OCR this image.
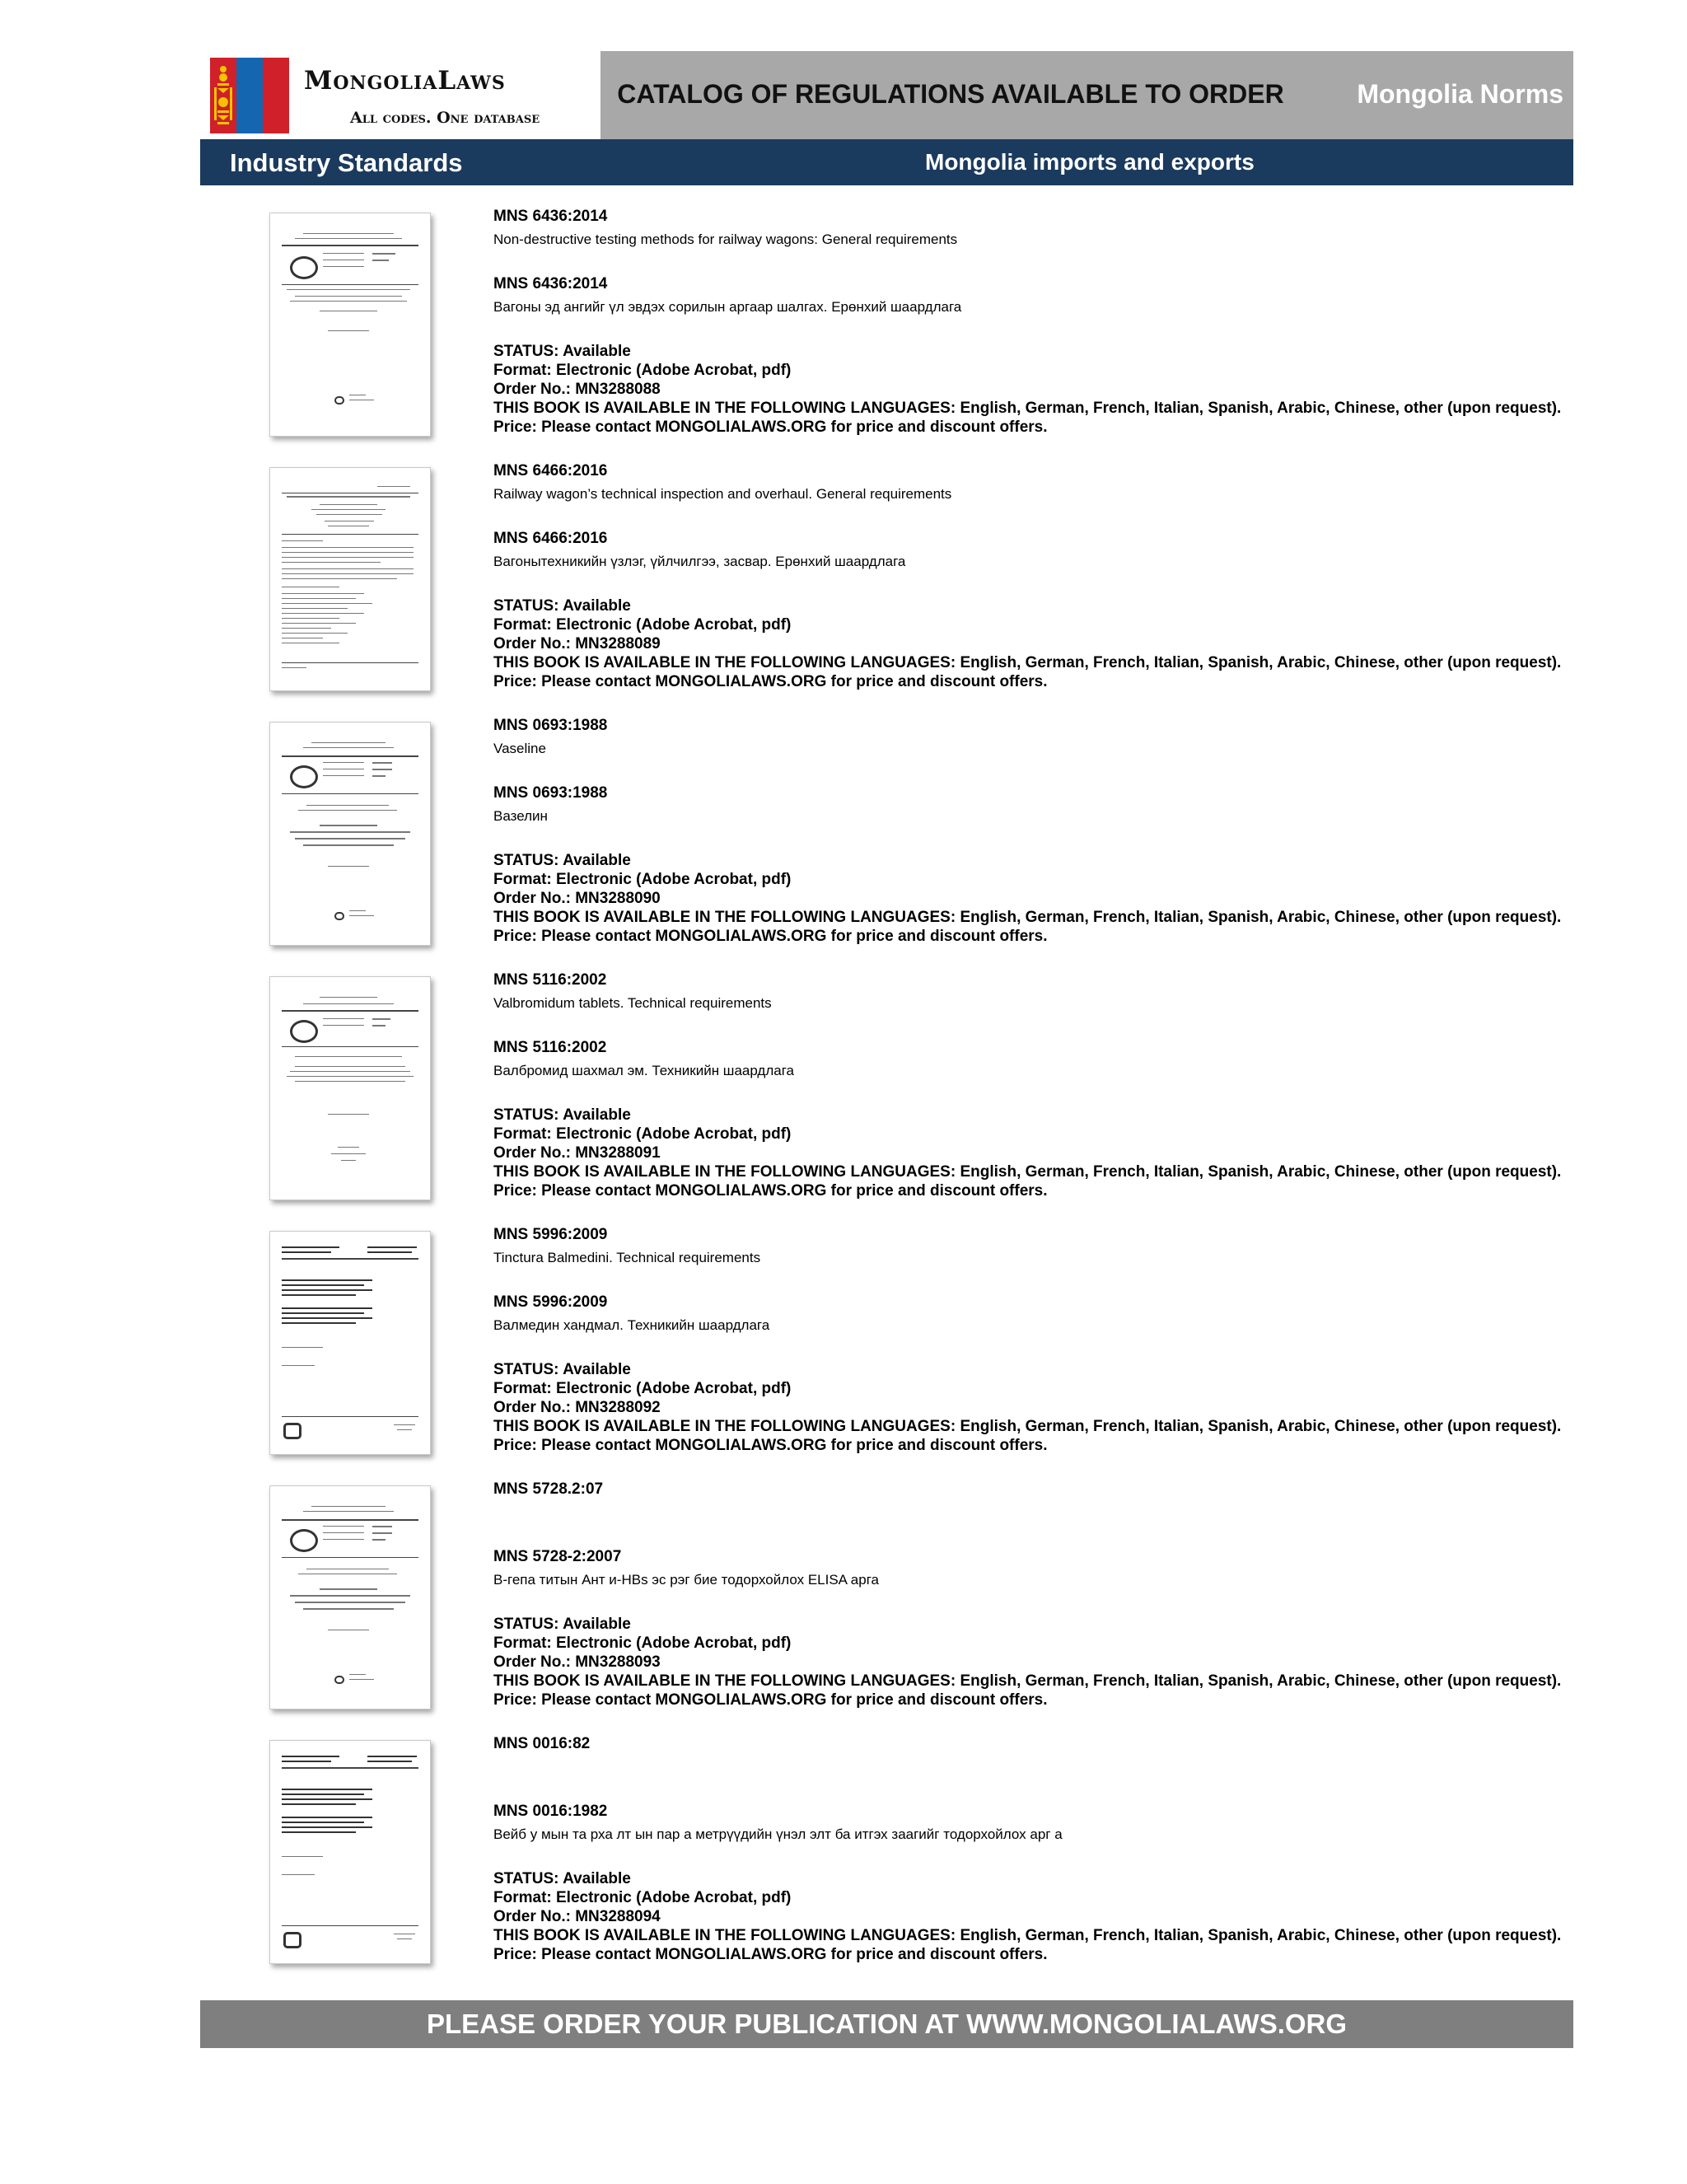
MongoliaLaws
All codes. One database
CATALOG OF REGULATIONS AVAILABLE TO ORDER	Mongolia Norms
Industry Standards	Mongolia imports and exports
MNS 6436:2014
Non-destructive testing methods for railway wagons: General requirements
MNS 6436:2014
Вагоны эд ангийг үл эвдэх сорилын аргаар шалгах. Ерөнхий шаардлага
STATUS: Available
Format: Electronic (Adobe Acrobat, pdf)
Order No.: MN3288088
THIS BOOK IS AVAILABLE IN THE FOLLOWING LANGUAGES: English, German, French, Italian, Spanish, Arabic, Chinese, other (upon request).
Price: Please contact MONGOLIALAWS.ORG for price and discount offers.
MNS 6466:2016
Railway wagon’s technical inspection and overhaul. General requirements
MNS 6466:2016
Вагонытехникийн үзлэг, үйлчилгээ, засвар. Ерөнхий шаардлага
STATUS: Available
Format: Electronic (Adobe Acrobat, pdf)
Order No.: MN3288089
THIS BOOK IS AVAILABLE IN THE FOLLOWING LANGUAGES: English, German, French, Italian, Spanish, Arabic, Chinese, other (upon request).
Price: Please contact MONGOLIALAWS.ORG for price and discount offers.
MNS 0693:1988
Vaseline
MNS 0693:1988
Вазелин
STATUS: Available
Format: Electronic (Adobe Acrobat, pdf)
Order No.: MN3288090
THIS BOOK IS AVAILABLE IN THE FOLLOWING LANGUAGES: English, German, French, Italian, Spanish, Arabic, Chinese, other (upon request).
Price: Please contact MONGOLIALAWS.ORG for price and discount offers.
MNS 5116:2002
Valbromidum tablets. Technical requirements
MNS 5116:2002
Валбромид шахмал эм. Техникийн шаардлага
STATUS: Available
Format: Electronic (Adobe Acrobat, pdf)
Order No.: MN3288091
THIS BOOK IS AVAILABLE IN THE FOLLOWING LANGUAGES: English, German, French, Italian, Spanish, Arabic, Chinese, other (upon request).
Price: Please contact MONGOLIALAWS.ORG for price and discount offers.
MNS 5996:2009
Tinctura Balmedini. Technical requirements
MNS 5996:2009
Валмедин хандмал. Техникийн шаардлага
STATUS: Available
Format: Electronic (Adobe Acrobat, pdf)
Order No.: MN3288092
THIS BOOK IS AVAILABLE IN THE FOLLOWING LANGUAGES: English, German, French, Italian, Spanish, Arabic, Chinese, other (upon request).
Price: Please contact MONGOLIALAWS.ORG for price and discount offers.
MNS 5728.2:07
MNS 5728-2:2007
В-гепа титын Aнт и-HBs эс рэг бие тодорхойлох ELISA арга
STATUS: Available
Format: Electronic (Adobe Acrobat, pdf)
Order No.: MN3288093
THIS BOOK IS AVAILABLE IN THE FOLLOWING LANGUAGES: English, German, French, Italian, Spanish, Arabic, Chinese, other (upon request).
Price: Please contact MONGOLIALAWS.ORG for price and discount offers.
MNS 0016:82
MNS 0016:1982
Вейб у мын та рха лт ын пар а метрүүдийн үнэл элт ба итгэх заагийг тодорхойлох арг а
STATUS: Available
Format: Electronic (Adobe Acrobat, pdf)
Order No.: MN3288094
THIS BOOK IS AVAILABLE IN THE FOLLOWING LANGUAGES: English, German, French, Italian, Spanish, Arabic, Chinese, other (upon request).
Price: Please contact MONGOLIALAWS.ORG for price and discount offers.
PLEASE ORDER YOUR PUBLICATION AT WWW.MONGOLIALAWS.ORG
